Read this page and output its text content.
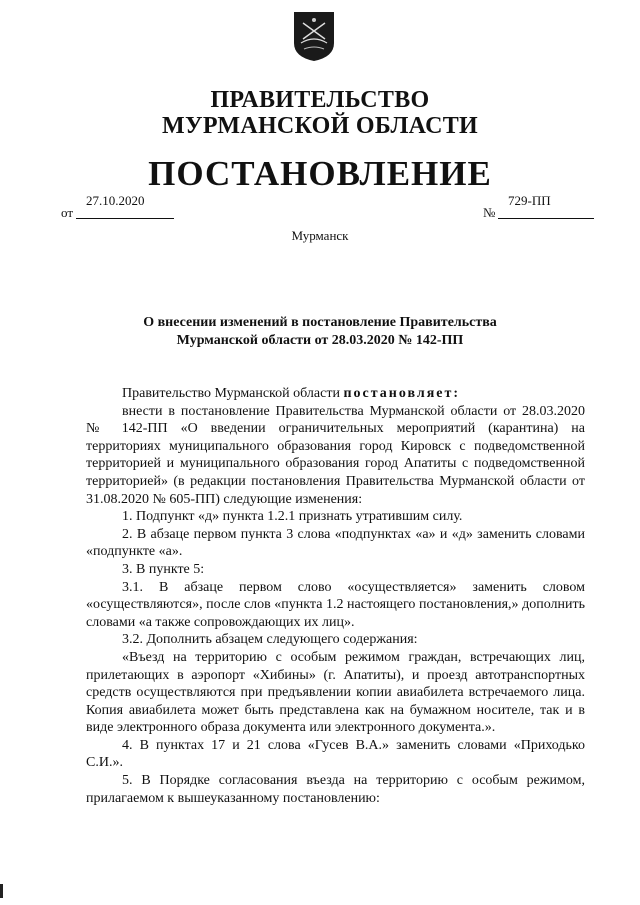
ПРАВИТЕЛЬСТВО
МУРМАНСКОЙ ОБЛАСТИ
ПОСТАНОВЛЕНИЕ
от
27.10.2020
№
729-ПП
Мурманск
О внесении изменений в постановление Правительства
Мурманской области от 28.03.2020 № 142-ПП

Правительство Мурманской области постановляет:

внести в постановление Правительства Мурманской области от 28.03.2020 № 142-ПП «О введении ограничительных мероприятий (карантина) на территориях муниципального образования город Кировск с подведомственной территорией и муниципального образования город Апатиты с подведомственной территорией» (в редакции постановления Правительства Мурманской области от 31.08.2020 № 605-ПП) следующие изменения:

1. Подпункт «д» пункта 1.2.1 признать утратившим силу.

2. В абзаце первом пункта 3 слова «подпунктах «а» и «д» заменить словами «подпункте «а».

3. В пункте 5:

3.1. В абзаце первом слово «осуществляется» заменить словом «осуществляются», после слов «пункта 1.2 настоящего постановления,» дополнить словами «а также сопровождающих их лиц».

3.2. Дополнить абзацем следующего содержания:

«Въезд на территорию с особым режимом граждан, встречающих лиц, прилетающих в аэропорт «Хибины» (г. Апатиты), и проезд автотранспортных средств осуществляются при предъявлении копии авиабилета встречаемого лица. Копия авиабилета может быть представлена как на бумажном носителе, так и в виде электронного образа документа или электронного документа.».

4. В пунктах 17 и 21 слова «Гусев В.А.» заменить словами «Приходько С.И.».

5. В Порядке согласования въезда на территорию с особым режимом, прилагаемом к вышеуказанному постановлению:
